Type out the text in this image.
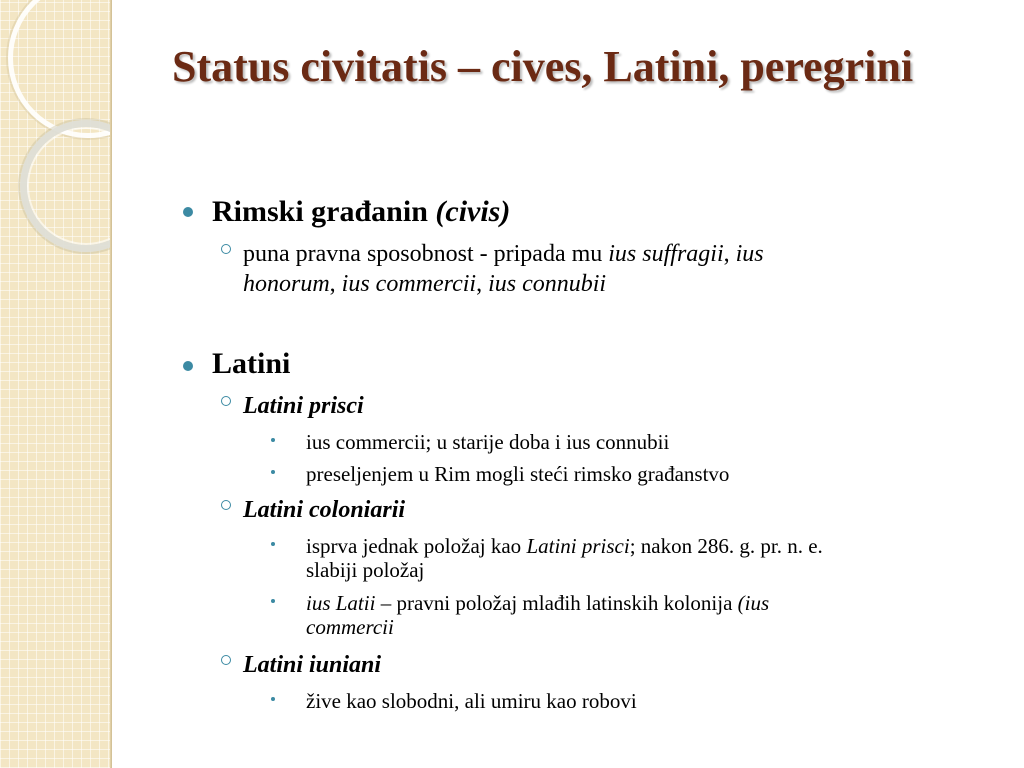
Status civitatis – cives, Latini, peregrini
Rimski građanin (civis)
puna pravna sposobnost - pripada mu ius suffragii, ius
honorum, ius commercii, ius connubii
Latini
Latini prisci
ius commercii; u starije doba i ius connubii
preseljenjem u Rim mogli steći rimsko građanstvo
Latini coloniarii
isprva jednak položaj kao Latini prisci; nakon 286. g. pr. n. e.
slabiji položaj
ius Latii – pravni položaj mlađih latinskih kolonija (ius
commercii
Latini iuniani
žive kao slobodni, ali umiru kao robovi
